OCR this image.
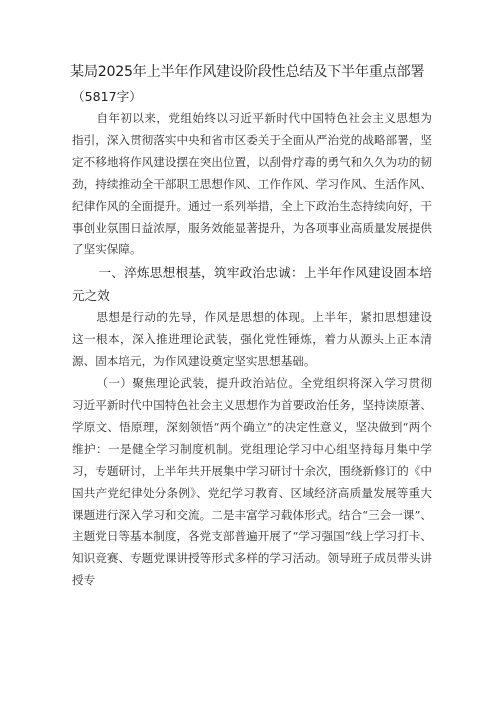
某局2025年上半年作风建设阶段性总结及下半年重点部署
（5817字）

自年初以来，党组始终以习近平新时代中国特色社会主义思想为指引，深入贯彻落实中央和省市区委关于全面从严治党的战略部署，坚定不移地将作风建设摆在突出位置，以刮骨疗毒的勇气和久久为功的韧劲，持续推动全干部职工思想作风、工作作风、学习作风、生活作风、纪律作风的全面提升。通过一系列举措，全上下政治生态持续向好，干事创业氛围日益浓厚，服务效能显著提升，为各项事业高质量发展提供了坚实保障。

一、淬炼思想根基，筑牢政治忠诚：上半年作风建设固本培元之效

思想是行动的先导，作风是思想的体现。上半年，紧扣思想建设这一根本，深入推进理论武装，强化党性锤炼，着力从源头上正本清源、固本培元，为作风建设奠定坚实思想基础。

（一）聚焦理论武装，提升政治站位。全党组织将深入学习贯彻习近平新时代中国特色社会主义思想作为首要政治任务，坚持读原著、学原文、悟原理，深刻领悟“两个确立”的决定性意义，坚决做到“两个维护：一是健全学习制度机制。党组理论学习中心组坚持每月集中学习，专题研讨，上半年共开展集中学习研讨十余次，围绕新修订的《中国共产党纪律处分条例》、党纪学习教育、区域经济高质量发展等重大课题进行深入学习和交流。二是丰富学习载体形式。结合“三会一课”、主题党日等基本制度，各党支部普遍开展了“学习强国”线上学习打卡、知识竞赛、专题党课讲授等形式多样的学习活动。领导班子成员带头讲授专
